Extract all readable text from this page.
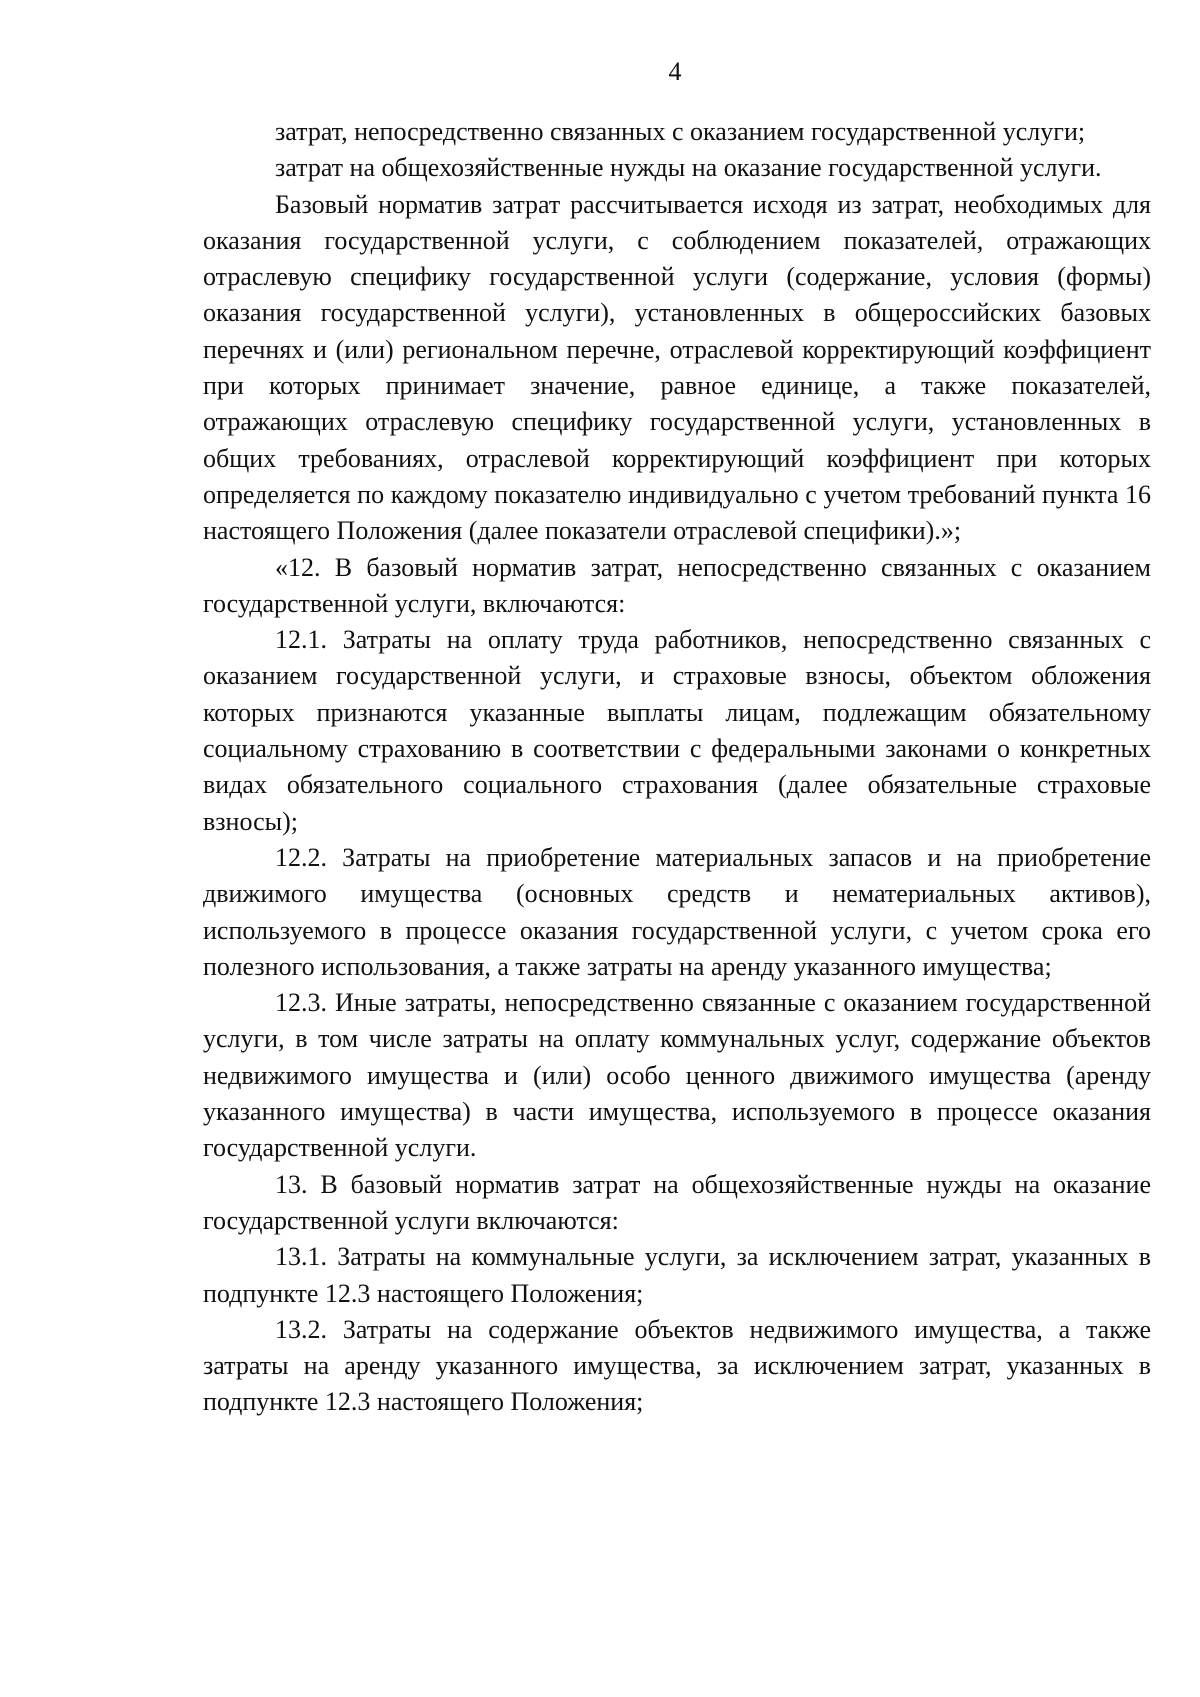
4

затрат, непосредственно связанных с оказанием государственной услуги;

затрат на общехозяйственные нужды на оказание государственной услуги.

Базовый норматив затрат рассчитывается исходя из затрат, необходимых для оказания государственной услуги, с соблюдением показателей, отражающих отраслевую специфику государственной услуги (содержание, условия (формы) оказания государственной услуги), установленных в общероссийских базовых перечнях и (или) региональном перечне, отраслевой корректирующий коэффициент при которых принимает значение, равное единице, а также показателей, отражающих отраслевую специфику государственной услуги, установленных в общих требованиях, отраслевой корректирующий коэффициент при которых определяется по каждому показателю индивидуально с учетом требований пункта 16 настоящего Положения (далее показатели отраслевой специфики).»;

«12. В базовый норматив затрат, непосредственно связанных с оказанием государственной услуги, включаются:

12.1. Затраты на оплату труда работников, непосредственно связанных с оказанием государственной услуги, и страховые взносы, объектом обложения которых признаются указанные выплаты лицам, подлежащим обязательному социальному страхованию в соответствии с федеральными законами о конкретных видах обязательного социального страхования (далее обязательные страховые взносы);

12.2. Затраты на приобретение материальных запасов и на приобретение движимого имущества (основных средств и нематериальных активов), используемого в процессе оказания государственной услуги, с учетом срока его полезного использования, а также затраты на аренду указанного имущества;

12.3. Иные затраты, непосредственно связанные с оказанием государственной услуги, в том числе затраты на оплату коммунальных услуг, содержание объектов недвижимого имущества и (или) особо ценного движимого имущества (аренду указанного имущества) в части имущества, используемого в процессе оказания государственной услуги.

13. В базовый норматив затрат на общехозяйственные нужды на оказание государственной услуги включаются:

13.1. Затраты на коммунальные услуги, за исключением затрат, указанных в подпункте 12.3 настоящего Положения;

13.2. Затраты на содержание объектов недвижимого имущества, а также затраты на аренду указанного имущества, за исключением затрат, указанных в подпункте 12.3 настоящего Положения;
